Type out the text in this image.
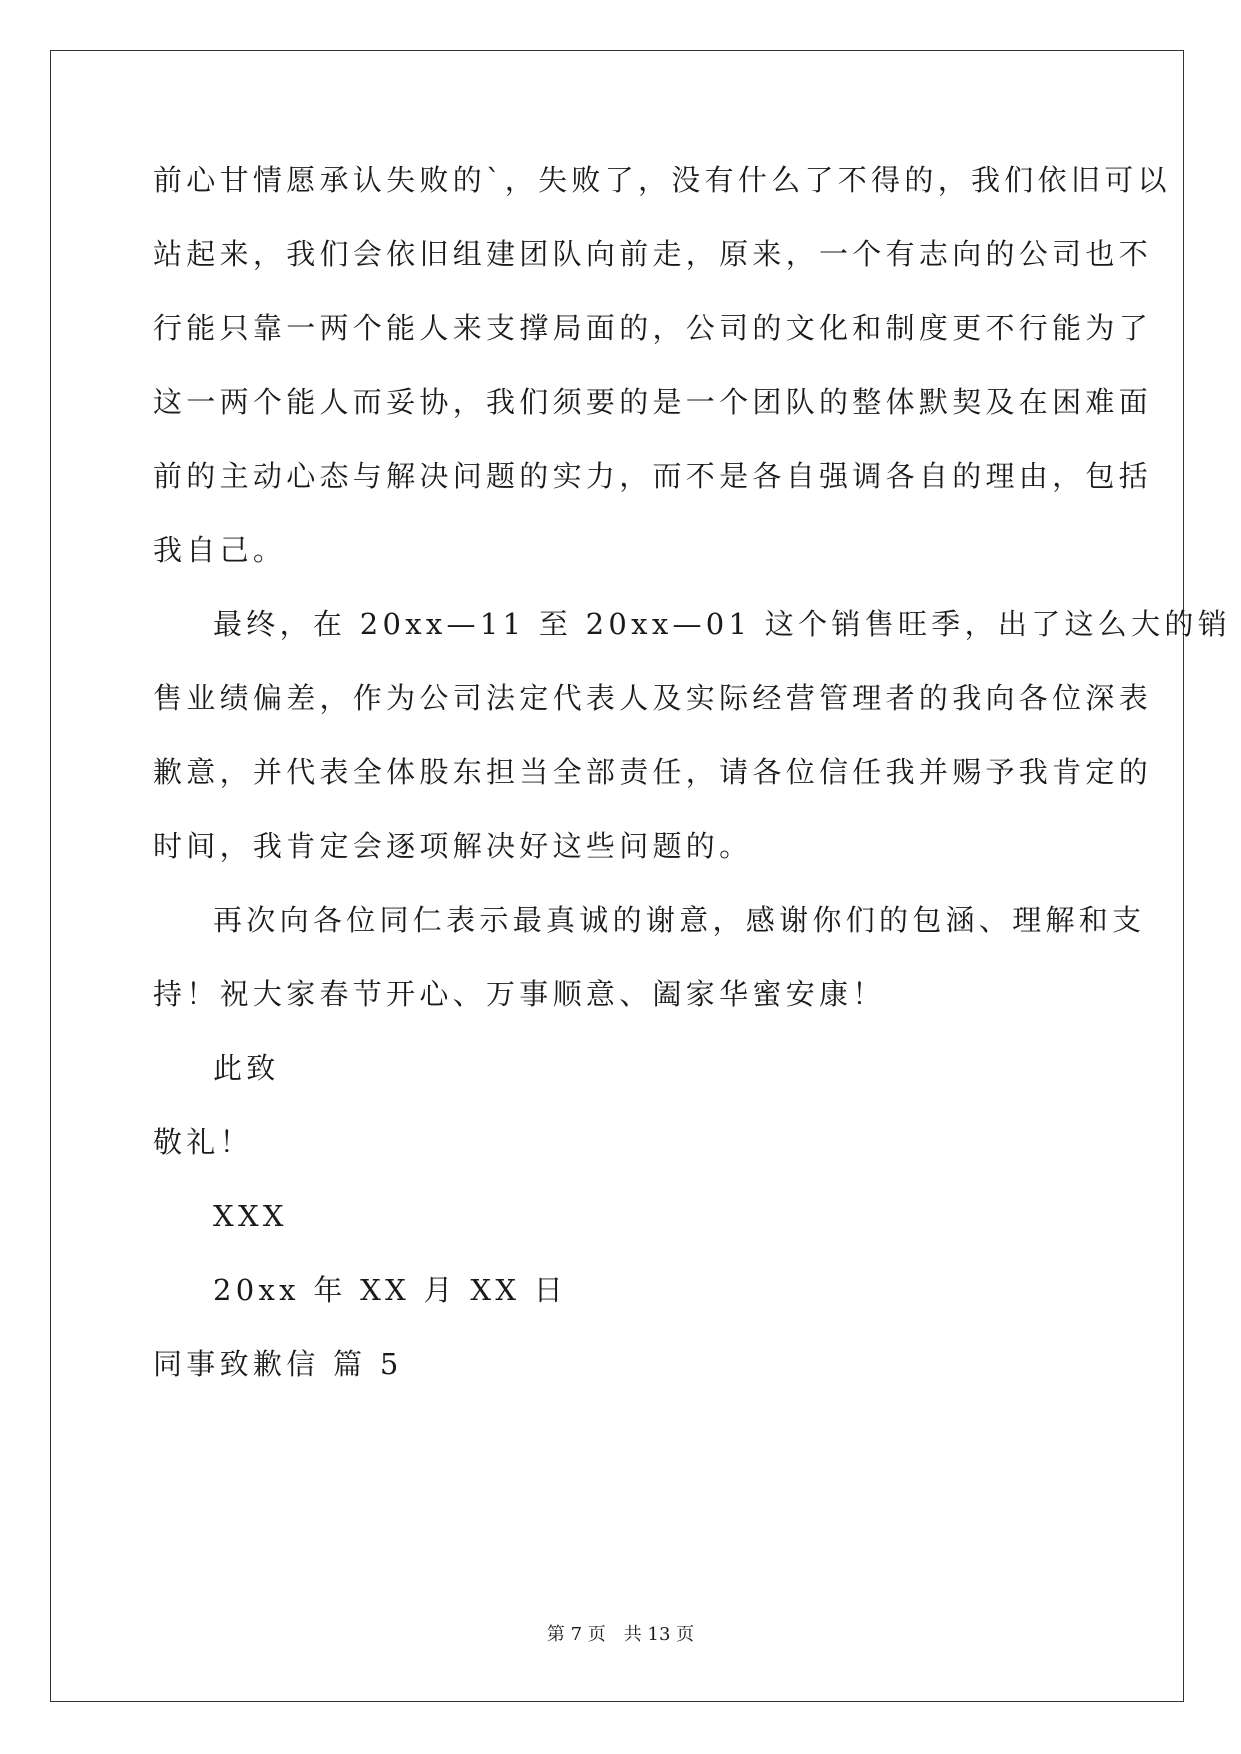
前心甘情愿承认失败的`，失败了，没有什么了不得的，我们依旧可以
站起来，我们会依旧组建团队向前走，原来，一个有志向的公司也不
行能只靠一两个能人来支撑局面的，公司的文化和制度更不行能为了
这一两个能人而妥协，我们须要的是一个团队的整体默契及在困难面
前的主动心态与解决问题的实力，而不是各自强调各自的理由，包括
我自己。
最终，在 20xx—11 至 20xx—01 这个销售旺季，出了这么大的销
售业绩偏差，作为公司法定代表人及实际经营管理者的我向各位深表
歉意，并代表全体股东担当全部责任，请各位信任我并赐予我肯定的
时间，我肯定会逐项解决好这些问题的。
再次向各位同仁表示最真诚的谢意，感谢你们的包涵、理解和支
持！祝大家春节开心、万事顺意、阖家华蜜安康！
此致
敬礼！
XXX
20xx 年 XX 月 XX 日
同事致歉信 篇 5
第 7 页　共 13 页
